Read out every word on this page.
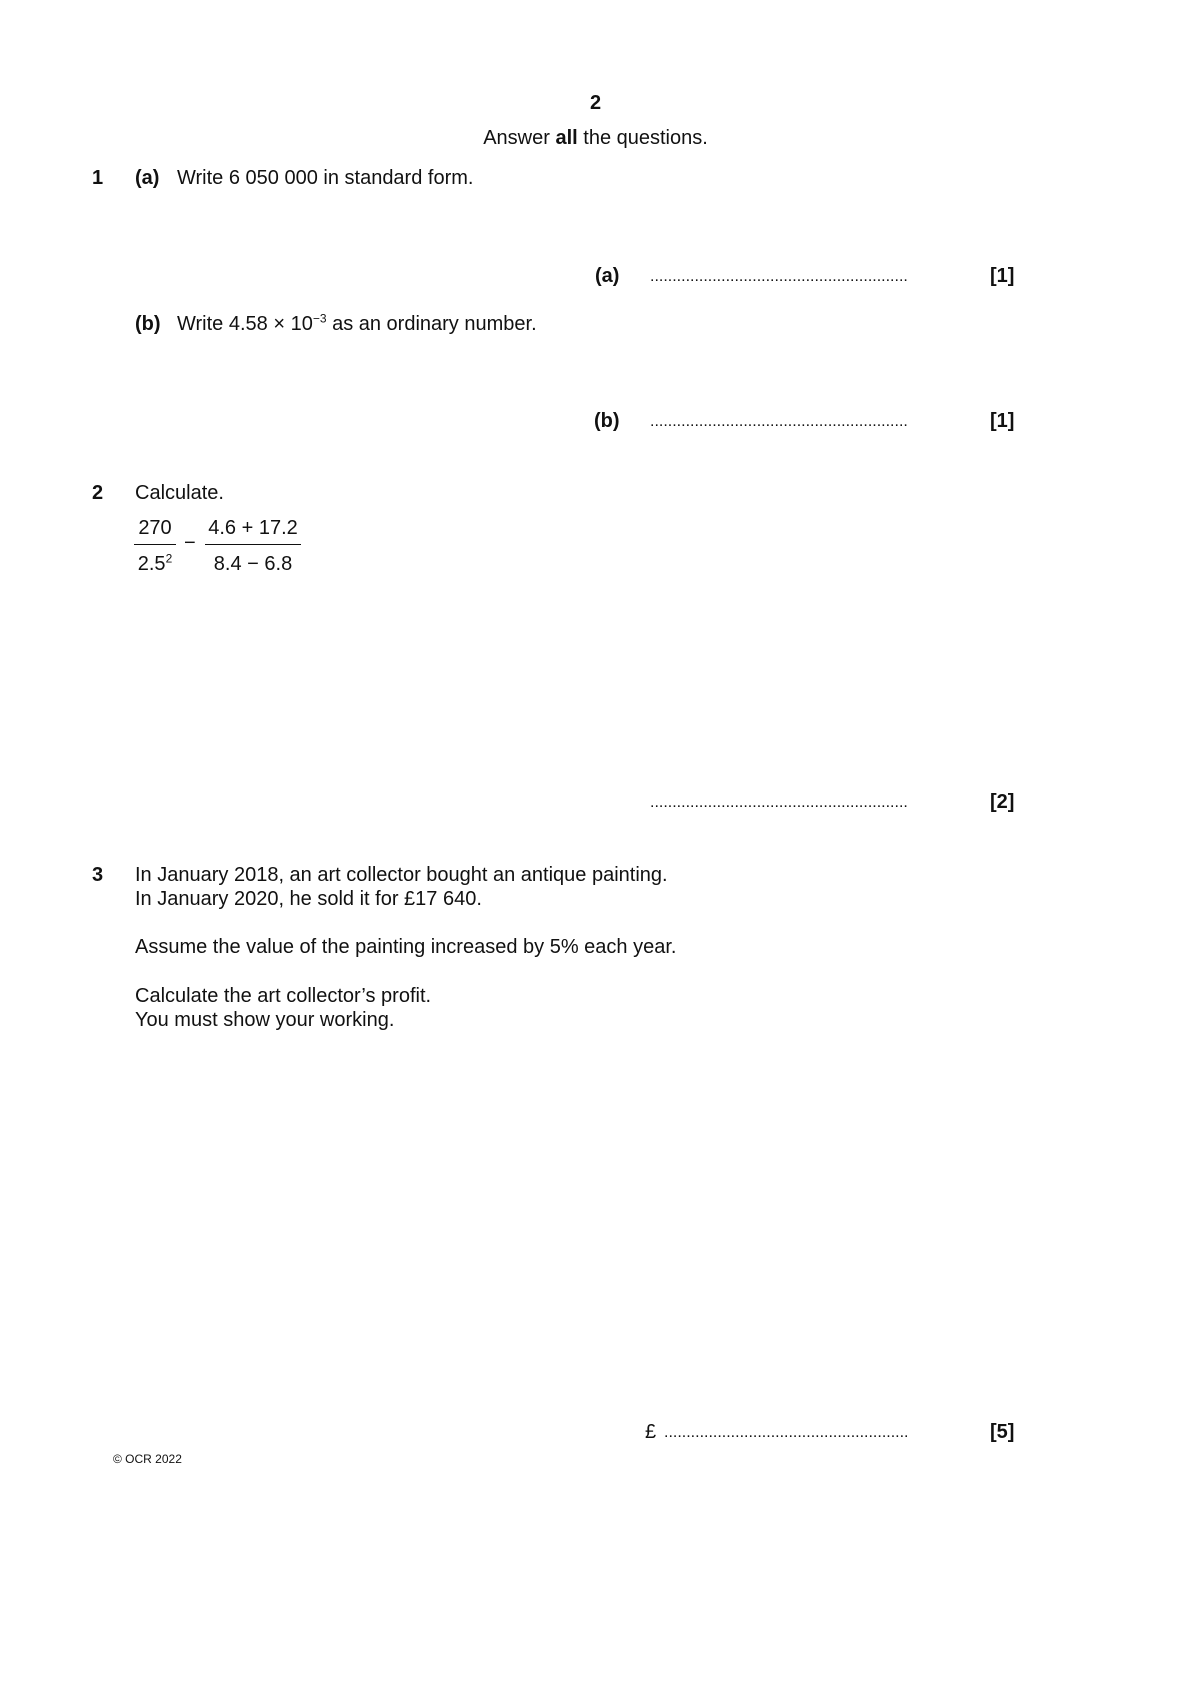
2
Answer all the questions.
1 (a) Write 6 050 000 in standard form.
(a) ..........................................................	[1]
(b) Write $4.58 \times 10^{-3}$ as an ordinary number.
(b) ..........................................................	[1]
2 Calculate.
$\frac{270}{2.5^2} - \frac{4.6 + 17.2}{8.4 - 6.8}$
..........................................................	[2]
3 In January 2018, an art collector bought an antique painting.
In January 2020, he sold it for £17 640.
Assume the value of the painting increased by 5% each year.
Calculate the art collector’s profit.
You must show your working.
£ .......................................................	[5]
© OCR 2022
